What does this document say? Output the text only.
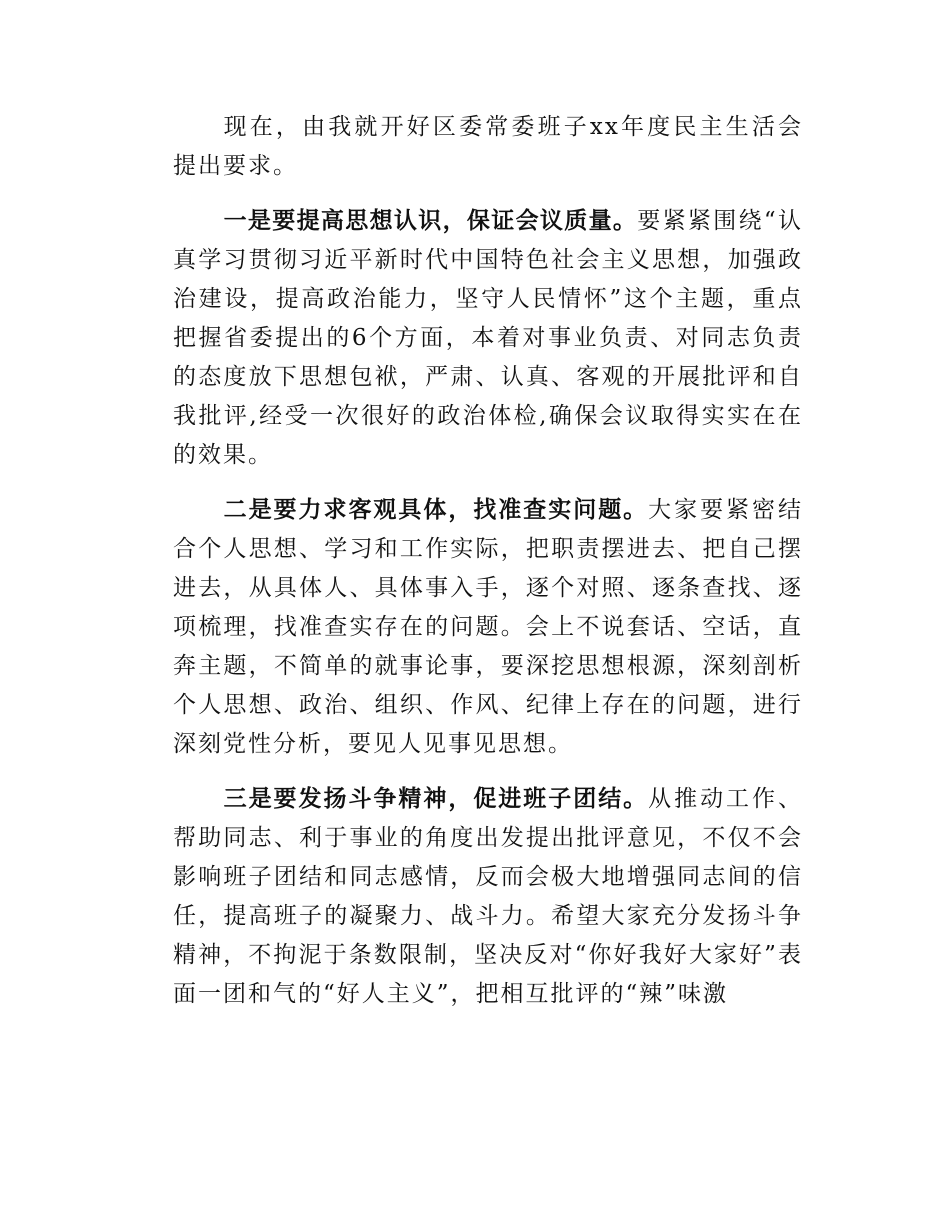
现在，由我就开好区委常委班子xx年度民主生活会提出要求。

一是要提高思想认识，保证会议质量。要紧紧围绕“认真学习贯彻习近平新时代中国特色社会主义思想，加强政治建设，提高政治能力，坚守人民情怀”这个主题，重点把握省委提出的6个方面，本着对事业负责、对同志负责的态度放下思想包袱，严肃、认真、客观的开展批评和自我批评,经受一次很好的政治体检,确保会议取得实实在在的效果。

二是要力求客观具体，找准查实问题。大家要紧密结合个人思想、学习和工作实际，把职责摆进去、把自己摆进去，从具体人、具体事入手，逐个对照、逐条查找、逐项梳理，找准查实存在的问题。会上不说套话、空话，直奔主题，不简单的就事论事，要深挖思想根源，深刻剖析个人思想、政治、组织、作风、纪律上存在的问题，进行深刻党性分析，要见人见事见思想。

三是要发扬斗争精神，促进班子团结。从推动工作、帮助同志、利于事业的角度出发提出批评意见，不仅不会影响班子团结和同志感情，反而会极大地增强同志间的信任，提高班子的凝聚力、战斗力。希望大家充分发扬斗争精神，不拘泥于条数限制，坚决反对“你好我好大家好”表面一团和气的“好人主义”，把相互批评的“辣”味激
